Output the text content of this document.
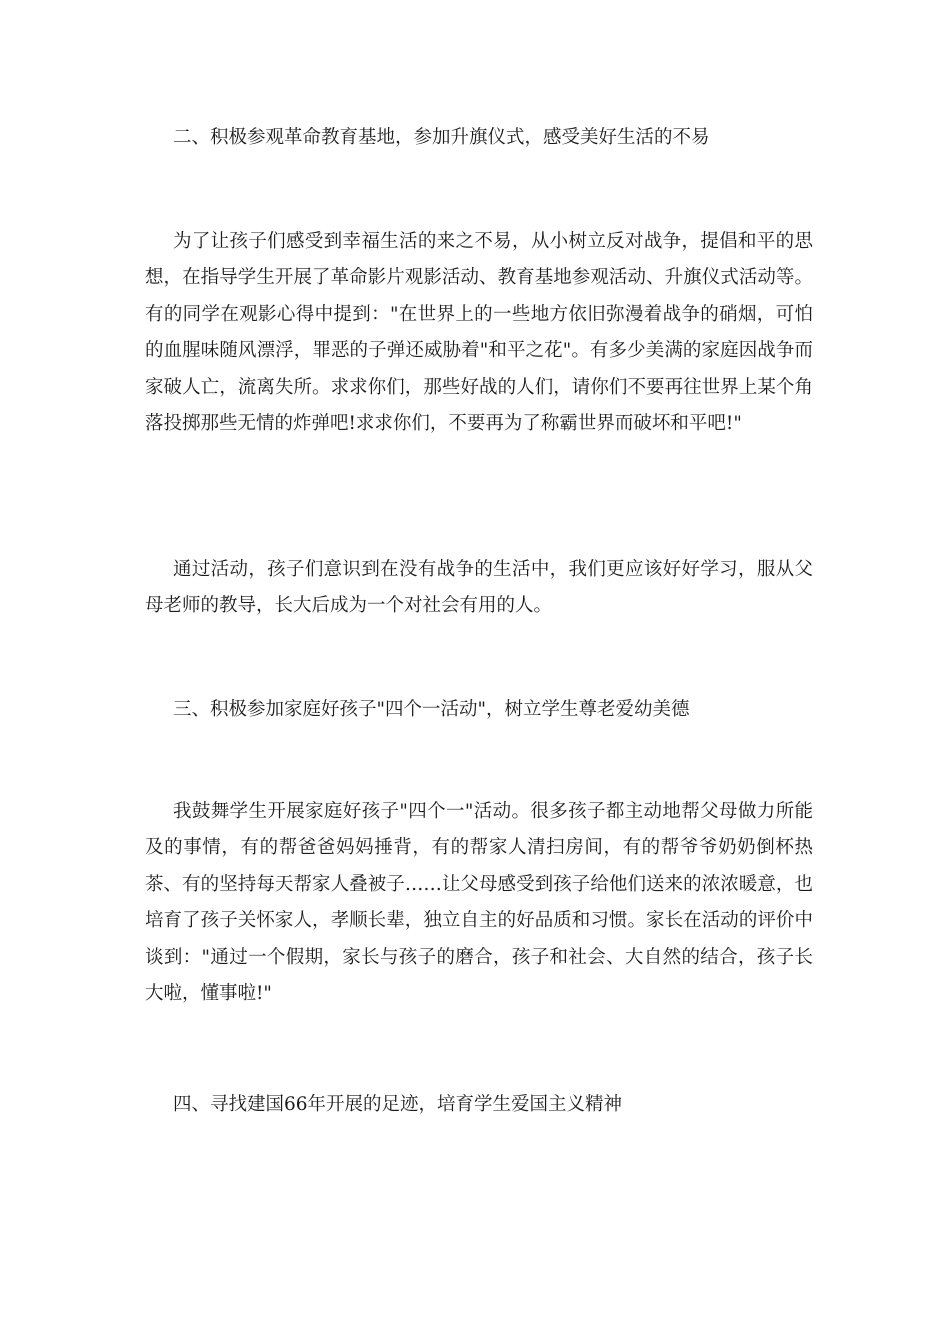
二、积极参观革命教育基地，参加升旗仪式，感受美好生活的不易

为了让孩子们感受到幸福生活的来之不易，从小树立反对战争，提倡和平的思想，在指导学生开展了革命影片观影活动、教育基地参观活动、升旗仪式活动等。有的同学在观影心得中提到："在世界上的一些地方依旧弥漫着战争的硝烟，可怕的血腥味随风漂浮，罪恶的子弹还威胁着"和平之花"。有多少美满的家庭因战争而家破人亡，流离失所。求求你们，那些好战的人们，请你们不要再往世界上某个角落投掷那些无情的炸弹吧!求求你们，不要再为了称霸世界而破坏和平吧!"

通过活动，孩子们意识到在没有战争的生活中，我们更应该好好学习，服从父母老师的教导，长大后成为一个对社会有用的人。

三、积极参加家庭好孩子"四个一活动"，树立学生尊老爱幼美德

我鼓舞学生开展家庭好孩子"四个一"活动。很多孩子都主动地帮父母做力所能及的事情，有的帮爸爸妈妈捶背，有的帮家人清扫房间，有的帮爷爷奶奶倒杯热茶、有的坚持每天帮家人叠被子……让父母感受到孩子给他们送来的浓浓暖意，也培育了孩子关怀家人，孝顺长辈，独立自主的好品质和习惯。家长在活动的评价中谈到："通过一个假期，家长与孩子的磨合，孩子和社会、大自然的结合，孩子长大啦，懂事啦!"

四、寻找建国66年开展的足迹，培育学生爱国主义精神
